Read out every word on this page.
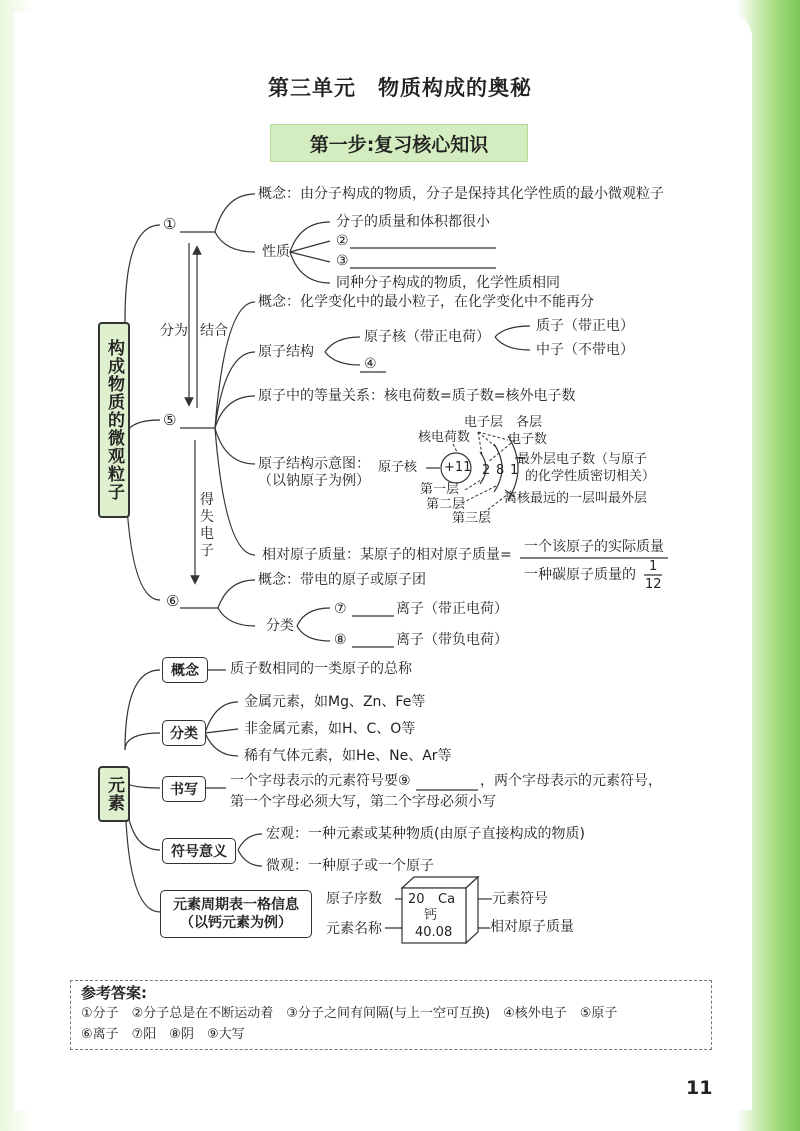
第三单元　物质构成的奥秘
第一步:复习核心知识
构成物质的微观粒子
元素
①
概念：由分子构成的物质，分子是保持其化学性质的最小微观粒子
性质
分子的质量和体积都很小
②
③
同种分子构成的物质，化学性质相同
分为 结合
得失电子
⑤
概念：化学变化中的最小粒子，在化学变化中不能再分
原子结构
原子核（带正电荷）
④
质子（带正电）
中子（不带电）
原子中的等量关系：核电荷数=质子数=核外电子数
原子结构示意图：
（以钠原子为例）
原子核 +11 2 8 1
核电荷数
电子层 各层
电子数
最外层电子数（与原子
的化学性质密切相关）
离核最远的一层叫最外层
第一层
第二层
第三层
相对原子质量：某原子的相对原子质量= 一个该原子的实际质量
一种碳原子质量的
1
12
⑥
概念：带电的原子或原子团
分类
⑦	离子（带正电荷）
⑧	离子（带负电荷）
概念	质子数相同的一类原子的总称
分类
金属元素，如Mg、Zn、Fe等
非金属元素，如H、C、O等
稀有气体元素，如He、Ne、Ar等
书写
一个字母表示的元素符号要⑨	，两个字母表示的元素符号，
第一个字母必须大写，第二个字母必须小写
符号意义
宏观：一种元素或某种物质(由原子直接构成的物质)
微观：一种原子或一个原子
元素周期表一格信息
（以钙元素为例）
原子序数
元素名称
元素符号
相对原子质量
20 Ca
钙
40.08
参考答案:
①分子　②分子总是在不断运动着　③分子之间有间隔(与上一空可互换)　④核外电子　⑤原子
⑥离子　⑦阳　⑧阴　⑨大写
11
